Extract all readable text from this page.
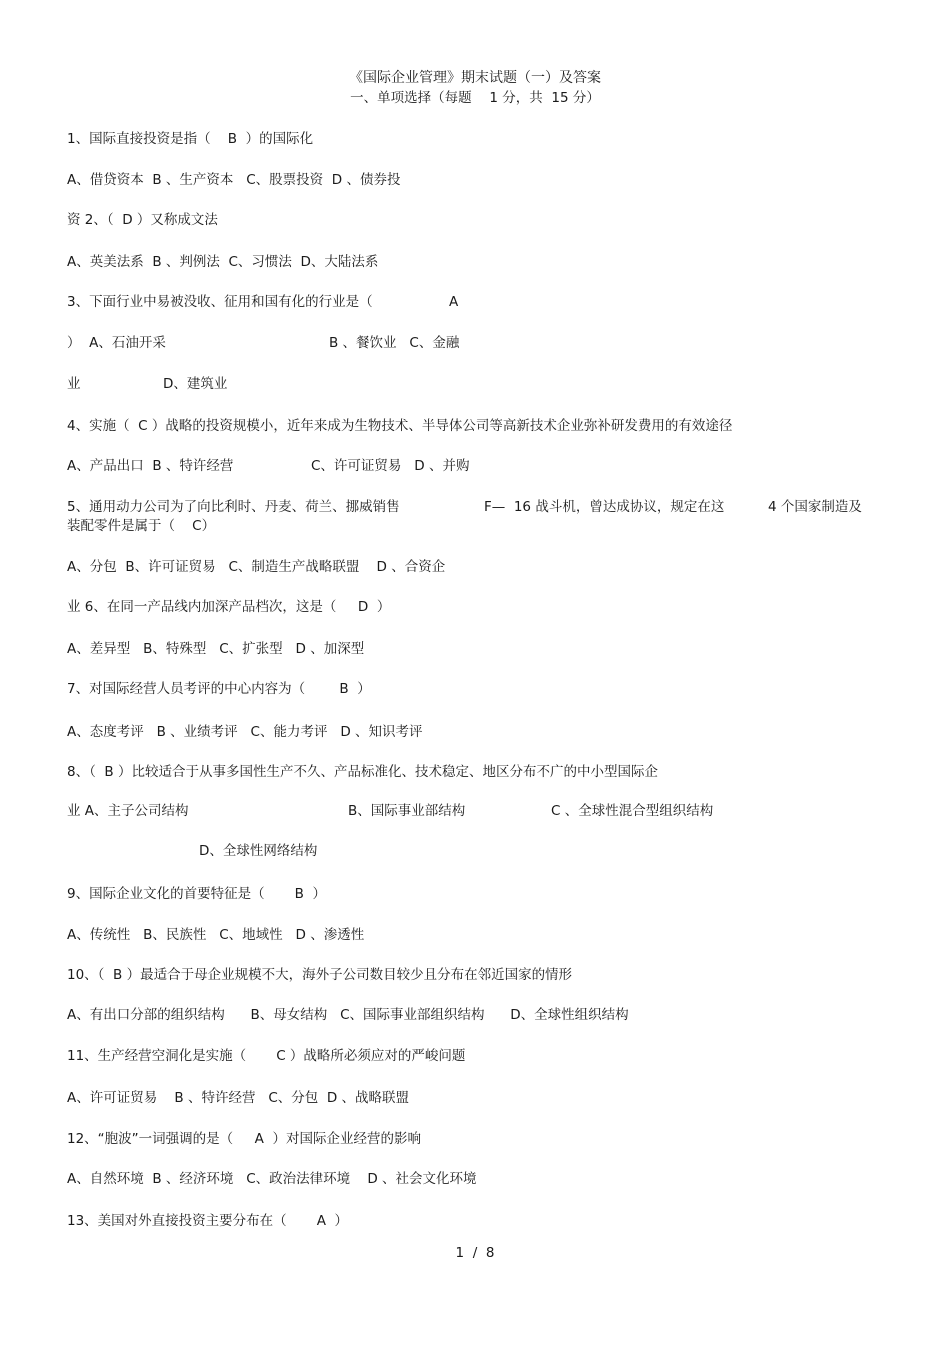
《国际企业管理》期末试题（一）及答案
一、单项选择（每题　 1 分，共  15 分）
1、国际直接投资是指（    B  ）的国际化
A、借贷资本  B 、生产资本   C、股票投资  D 、债券投
资 2、（  D ）又称成文法
A、英美法系  B 、判例法  C、习惯法  D、大陆法系
3、下面行业中易被没收、征用和国有化的行业是（	A
）  A、石油开采	B 、餐饮业   C、金融
业	D、建筑业
4、实施（  C ）战略的投资规模小，近年来成为生物技术、半导体公司等高新技术企业弥补研发费用的有效途径
A、产品出口  B 、特许经营	C、许可证贸易   D 、并购
5、通用动力公司为了向比利时、丹麦、荷兰、挪威销售	F—  16 战斗机，曾达成协议，规定在这	4 个国家制造及
装配零件是属于（    C）
A、分包  B、许可证贸易   C、制造生产战略联盟    D 、合资企
业 6、在同一产品线内加深产品档次，这是（     D  ）
A、差异型   B、特殊型   C、扩张型   D 、加深型
7、对国际经营人员考评的中心内容为（        B  ）
A、态度考评   B 、业绩考评   C、能力考评   D 、知识考评
8、（  B ）比较适合于从事多国性生产不久、产品标准化、技术稳定、地区分布不广的中小型国际企
业 A、主子公司结构	B、国际事业部结构	C 、全球性混合型组织结构
D、全球性网络结构
9、国际企业文化的首要特征是（       B  ）
A、传统性   B、民族性   C、地域性   D 、渗透性
10、（  B ）最适合于母企业规模不大，海外子公司数目较少且分布在邻近国家的情形
A、有出口分部的组织结构      B、母女结构   C、国际事业部组织结构      D、全球性组织结构
11、生产经营空洞化是实施（       C ）战略所必须应对的严峻问题
A、许可证贸易    B 、特许经营   C、分包  D 、战略联盟
12、“胞波”一词强调的是（     A  ）对国际企业经营的影响
A、自然环境  B 、经济环境   C、政治法律环境    D 、社会文化环境
13、美国对外直接投资主要分布在（       A  ）
1  /  8
